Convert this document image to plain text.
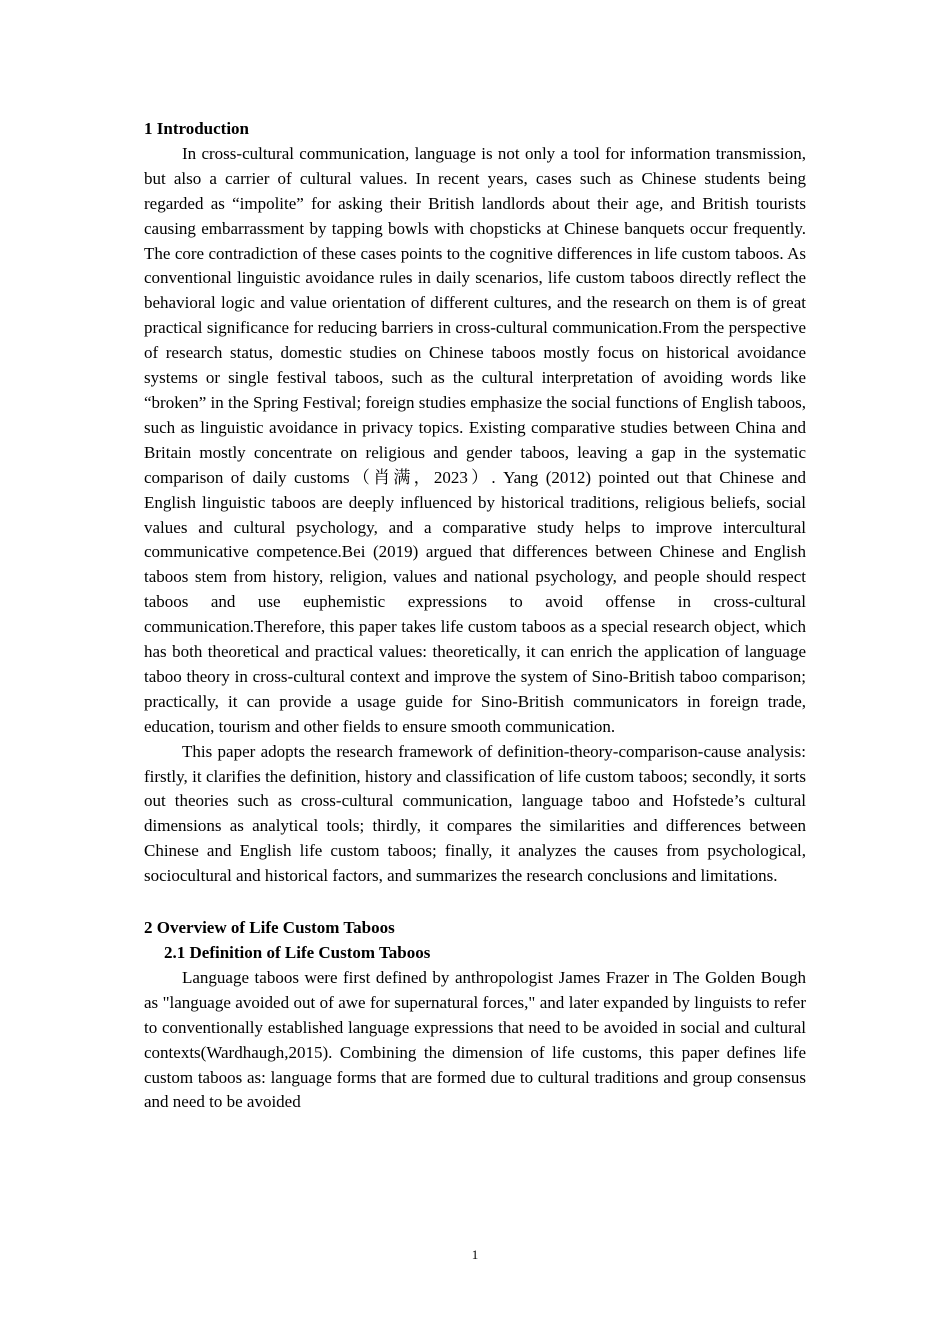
1 Introduction

In cross-cultural communication, language is not only a tool for information transmission, but also a carrier of cultural values. In recent years, cases such as Chinese students being regarded as “impolite” for asking their British landlords about their age, and British tourists causing embarrassment by tapping bowls with chopsticks at Chinese banquets occur frequently. The core contradiction of these cases points to the cognitive differences in life custom taboos. As conventional linguistic avoidance rules in daily scenarios, life custom taboos directly reflect the behavioral logic and value orientation of different cultures, and the research on them is of great practical significance for reducing barriers in cross-cultural communication.From the perspective of research status, domestic studies on Chinese taboos mostly focus on historical avoidance systems or single festival taboos, such as the cultural interpretation of avoiding words like “broken” in the Spring Festival; foreign studies emphasize the social functions of English taboos, such as linguistic avoidance in privacy topics. Existing comparative studies between China and Britain mostly concentrate on religious and gender taboos, leaving a gap in the systematic comparison of daily customs（肖满，2023）. Yang (2012) pointed out that Chinese and English linguistic taboos are deeply influenced by historical traditions, religious beliefs, social values and cultural psychology, and a comparative study helps to improve intercultural communicative competence.Bei (2019) argued that differences between Chinese and English taboos stem from history, religion, values and national psychology, and people should respect taboos and use euphemistic expressions to avoid offense in cross-cultural communication.Therefore, this paper takes life custom taboos as a special research object, which has both theoretical and practical values: theoretically, it can enrich the application of language taboo theory in cross-cultural context and improve the system of Sino-British taboo comparison; practically, it can provide a usage guide for Sino-British communicators in foreign trade, education, tourism and other fields to ensure smooth communication.

This paper adopts the research framework of definition-theory-comparison-cause analysis: firstly, it clarifies the definition, history and classification of life custom taboos; secondly, it sorts out theories such as cross-cultural communication, language taboo and Hofstede’s cultural dimensions as analytical tools; thirdly, it compares the similarities and differences between Chinese and English life custom taboos; finally, it analyzes the causes from psychological, sociocultural and historical factors, and summarizes the research conclusions and limitations.

2 Overview of Life Custom Taboos
2.1 Definition of Life Custom Taboos

Language taboos were first defined by anthropologist James Frazer in The Golden Bough as "language avoided out of awe for supernatural forces," and later expanded by linguists to refer to conventionally established language expressions that need to be avoided in social and cultural contexts(Wardhaugh,2015). Combining the dimension of life customs, this paper defines life custom taboos as: language forms that are formed due to cultural traditions and group consensus and need to be avoided

1
